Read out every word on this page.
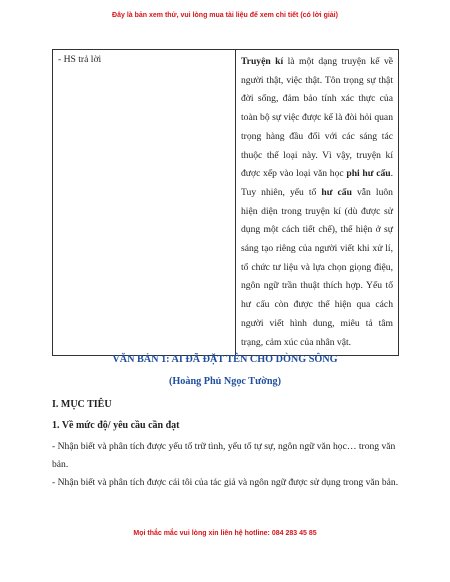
Đây là bản xem thử, vui lòng mua tài liệu để xem chi tiết (có lời giải)
- HS trả lời	Truyện kí là một dạng truyện kể về người thật, việc thật. Tôn trọng sự thật đời sống, đảm bảo tính xác thực của toàn bộ sự việc được kể là đòi hỏi quan trọng hàng đầu đối với các sáng tác thuộc thể loại này. Vì vậy, truyện kí được xếp vào loại văn học phi hư cấu. Tuy nhiên, yếu tố hư cấu vẫn luôn hiện diện trong truyện kí (dù được sử dụng một cách tiết chế), thể hiện ở sự sáng tạo riêng của người viết khi xử lí, tổ chức tư liệu và lựa chọn giọng điệu, ngôn ngữ trần thuật thích hợp. Yếu tố hư cấu còn được thể hiện qua cách người viết hình dung, miêu tả tâm trạng, cảm xúc của nhân vật.
VĂN BẢN 1: AI ĐÃ ĐẶT TÊN CHO DÒNG SÔNG
(Hoàng Phủ Ngọc Tường)
I. MỤC TIÊU
1. Về mức độ/ yêu cầu cần đạt
- Nhận biết và phân tích được yếu tố trữ tình, yếu tố tự sự, ngôn ngữ văn học… trong văn bản.
- Nhận biết và phân tích được cái tôi của tác giả và ngôn ngữ được sử dụng trong văn bản.
Mọi thắc mắc vui lòng xin liên hệ hotline: 084 283 45 85
